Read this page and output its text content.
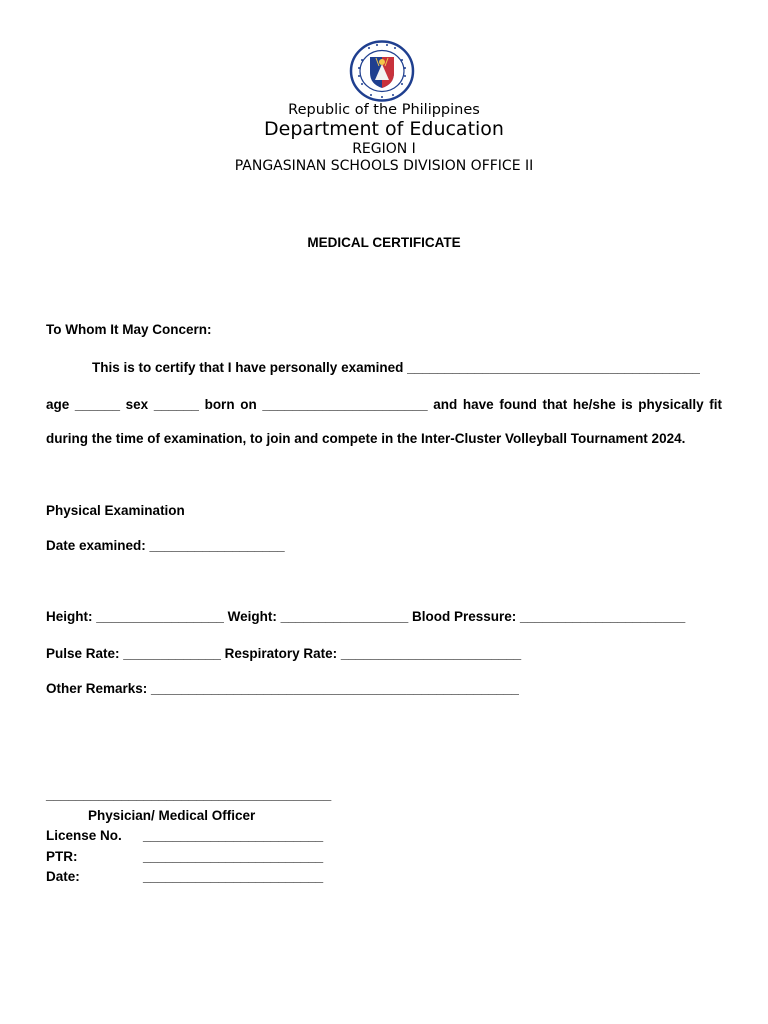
Republic of the Philippines
Department of Education
REGION I
PANGASINAN SCHOOLS DIVISION OFFICE II
MEDICAL CERTIFICATE
To Whom It May Concern:
This is to certify that I have personally examined _______________________________________
age ______ sex ______ born on ______________________ and have found that he/she is physically fit
during the time of examination, to join and compete in the Inter-Cluster Volleyball Tournament 2024.
Physical Examination
Date examined: __________________
Height: _________________ Weight: _________________ Blood Pressure: ______________________
Pulse Rate: _____________ Respiratory Rate: ________________________
Other Remarks: _________________________________________________
______________________________________
Physician/ Medical Officer
License No. ________________________
PTR:	________________________
Date:	________________________
